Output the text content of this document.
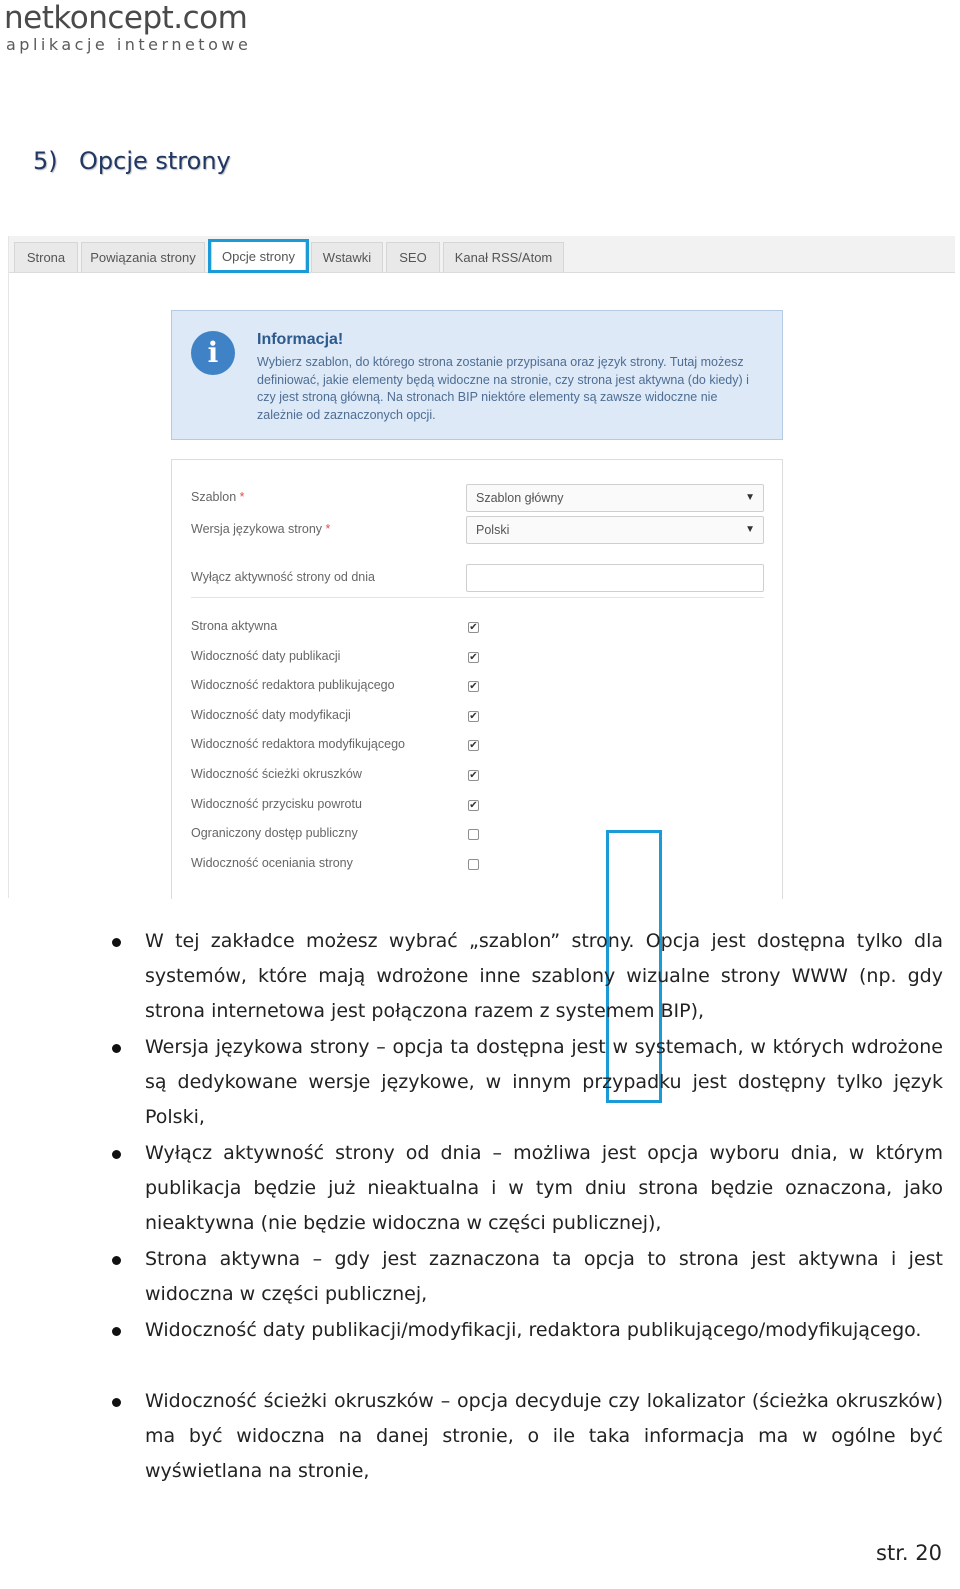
netkoncept.com
aplikacje internetowe
5) Opcje strony
Strona	Powiązania strony	Opcje strony	Wstawki	SEO	Kanał RSS/Atom
i	Informacja!
Wybierz szablon, do którego strona zostanie przypisana oraz język strony. Tutaj możesz definiować, jakie elementy będą widoczne na stronie, czy strona jest aktywna (do kiedy) i czy jest stroną główną. Na stronach BIP niektóre elementy są zawsze widoczne nie zależnie od zaznaczonych opcji.
Szablon *	Szablon główny	▼
Wersja językowa strony *	Polski	▼
Wyłącz aktywność strony od dnia
Strona aktywna	✔
Widoczność daty publikacji	✔
Widoczność redaktora publikującego	✔
Widoczność daty modyfikacji	✔
Widoczność redaktora modyfikującego	✔
Widoczność ścieżki okruszków	✔
Widoczność przycisku powrotu	✔
Ograniczony dostęp publiczny
Widoczność oceniania strony
W tej zakładce możesz wybrać „szablon” strony. Opcja jest dostępna tylko dla systemów, które mają wdrożone inne szablony wizualne strony WWW (np. gdy strona internetowa jest połączona razem z systemem BIP),
Wersja językowa strony – opcja ta dostępna jest w systemach, w których wdrożone są dedykowane wersje językowe, w innym przypadku jest dostępny tylko język Polski,
Wyłącz aktywność strony od dnia – możliwa jest opcja wyboru dnia, w którym publikacja będzie już nieaktualna i w tym dniu strona będzie oznaczona, jako nieaktywna (nie będzie widoczna w części publicznej),
Strona aktywna – gdy jest zaznaczona ta opcja to strona jest aktywna i jest widoczna w części publicznej,
Widoczność daty publikacji/modyfikacji, redaktora publikującego/modyfikującego.
Widoczność ścieżki okruszków – opcja decyduje czy lokalizator (ścieżka okruszków) ma być widoczna na danej stronie, o ile taka informacja ma w ogólne być wyświetlana na stronie,
str. 20
